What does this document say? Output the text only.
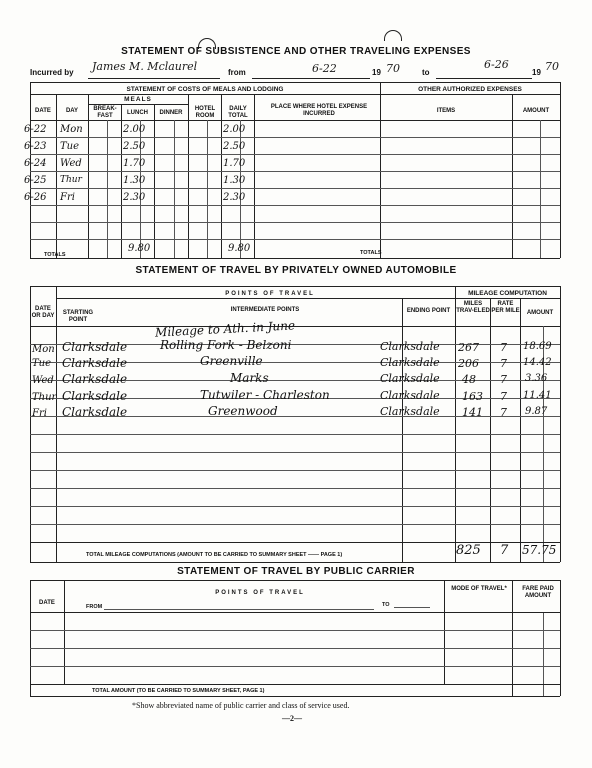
STATEMENT OF SUBSISTENCE AND OTHER TRAVELING EXPENSES
Incurred by James M. Mclaurel	from	6-22	19 70	to
6-26
19 70
STATEMENT OF COSTS OF MEALS AND LODGING	OTHER AUTHORIZED EXPENSES
MEALS
DATE	DAY	BREAK-FAST	LUNCH	DINNER
HOTEL ROOM
DAILY TOTAL
PLACE WHERE HOTEL EXPENSE INCURRED	ITEMS	AMOUNT
TOTALS	TOTALS
9.80	9.80
6-22 Mon	2.00	2.00
6-23 Tue	2.50	2.50
6-24 Wed	1.70	1.70
6-25 Thur	1.30	1.30
6-26 Fri	2.30	2.30
STATEMENT OF TRAVEL BY PRIVATELY OWNED AUTOMOBILE
POINTS OF TRAVEL	MILEAGE COMPUTATION
DATE OR DAY	STARTING POINT
INTERMEDIATE POINTS	ENDING POINT
MILES TRAV-ELED
RATE PER MILE	AMOUNT
Mileage to Ath. in June
Mon Clarksdale	Rolling Fork - Belzoni	Clarksdale 267 7 18.69
Tue Clarksdale	Greenville	Clarksdale 206 7 14.42
Wed Clarksdale	Marks	Clarksdale 48 7 3.36
Thur Clarksdale	Tutwiler - Charleston	Clarksdale 163 7 11.41
Fri Clarksdale	Greenwood	Clarksdale 141 7 9.87
TOTAL MILEAGE COMPUTATIONS (AMOUNT TO BE CARRIED TO SUMMARY SHEET —— PAGE 1)	825 7 57.75
STATEMENT OF TRAVEL BY PUBLIC CARRIER
DATE
POINTS OF TRAVEL
FROM	TO
MODE OF TRAVEL*	FARE PAID AMOUNT
TOTAL AMOUNT (TO BE CARRIED TO SUMMARY SHEET, PAGE 1)
*Show abbreviated name of public carrier and class of service used.
—2—
